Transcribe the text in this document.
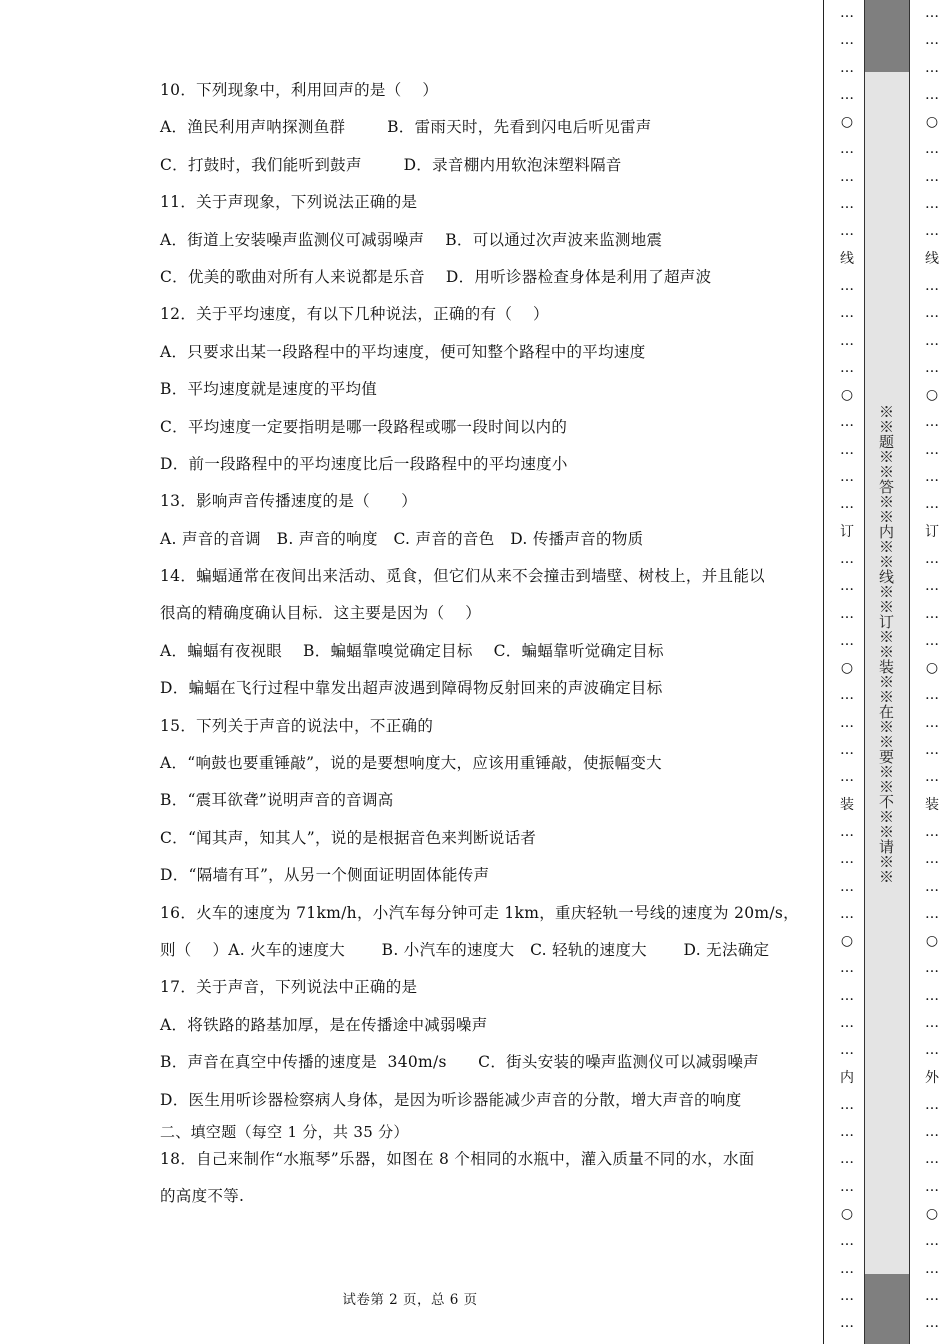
10．下列现象中，利用回声的是（    ）
A．渔民利用声呐探测鱼群        B．雷雨天时，先看到闪电后听见雷声
C．打鼓时，我们能听到鼓声        D．录音棚内用软泡沫塑料隔音
11．关于声现象，下列说法正确的是
A．街道上安装噪声监测仪可减弱噪声    B．可以通过次声波来监测地震
C．优美的歌曲对所有人来说都是乐音    D．用听诊器检查身体是利用了超声波
12．关于平均速度，有以下几种说法，正确的有（    ）
A．只要求出某一段路程中的平均速度，便可知整个路程中的平均速度
B．平均速度就是速度的平均值
C．平均速度一定要指明是哪一段路程或哪一段时间以内的
D．前一段路程中的平均速度比后一段路程中的平均速度小
13．影响声音传播速度的是（      ）
A. 声音的音调   B. 声音的响度   C. 声音的音色   D. 传播声音的物质
14．蝙蝠通常在夜间出来活动、觅食，但它们从来不会撞击到墙壁、树枝上，并且能以
很高的精确度确认目标．这主要是因为（    ）
A．蝙蝠有夜视眼    B．蝙蝠靠嗅觉确定目标    C．蝙蝠靠听觉确定目标
D．蝙蝠在飞行过程中靠发出超声波遇到障碍物反射回来的声波确定目标
15．下列关于声音的说法中，不正确的
A．“响鼓也要重锤敲”，说的是要想响度大，应该用重锤敲，使振幅变大
B．“震耳欲聋”说明声音的音调高
C．“闻其声，知其人”，说的是根据音色来判断说话者
D．“隔墙有耳”，从另一个侧面证明固体能传声
16．火车的速度为 71km/h，小汽车每分钟可走 1km，重庆轻轨一号线的速度为 20m/s，
则（    ）A. 火车的速度大       B. 小汽车的速度大   C. 轻轨的速度大       D. 无法确定
17．关于声音，下列说法中正确的是
A．将铁路的路基加厚，是在传播途中减弱噪声
B．声音在真空中传播的速度是  340m/s      C．街头安装的噪声监测仪可以减弱噪声
D．医生用听诊器检察病人身体，是因为听诊器能减少声音的分散，增大声音的响度
二、填空题（每空 1 分，共 35 分）
18．自己来制作“水瓶琴”乐器，如图在 8 个相同的水瓶中，灌入质量不同的水，水面
的高度不等.
试卷第 2 页，总 6 页
…
…
…
…
○
…
…
…
…
线
…
…
…
…
○
…
…
…
…
订
…
…
…
…
○
…
…
…
…
装
…
…
…
…
○
…
…
…
…
内
…
…
…
…
○
…
…
…
…
※※题※※答※※内※※线※※订※※装※※在※※要※※不※※请※※
…
…
…
…
○
…
…
…
…
线
…
…
…
…
○
…
…
…
…
订
…
…
…
…
○
…
…
…
…
装
…
…
…
…
○
…
…
…
…
外
…
…
…
…
○
…
…
…
…
